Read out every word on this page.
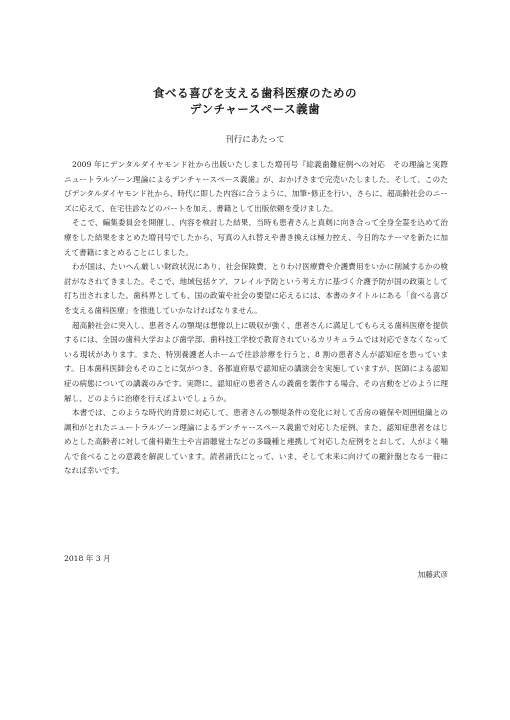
食べる喜びを支える歯科医療のための
デンチャースペース義歯
刊行にあたって

2009 年にデンタルダイヤモンド社から出版いたしました増刊号『総義歯難症例への対応　その理論と実際　ニュートラルゾーン理論によるデンチャースペース義歯』が、おかげさまで完売いたしました。そして、このたびデンタルダイヤモンド社から、時代に即した内容に合うように、加筆･修正を行い、さらに、超高齢社会のニーズに応えて、在宅往診などのパートを加え、書籍として出版依頼を受けました。

そこで、編集委員会を開催し、内容を検討した結果、当時も患者さんと真剣に向き合って全身全霊を込めて治療をした結果をまとめた増刊号でしたから、写真の入れ替えや書き換えは極力控え、今日的なテーマを新たに加えて書籍にまとめることにしました。

わが国は、たいへん厳しい財政状況にあり、社会保険費、とりわけ医療費や介護費用をいかに削減するかの検討がなされてきました。そこで、地域包括ケア、フレイル予防という考え方に基づく介護予防が国の政策として打ち出されました。歯科界としても、国の政策や社会の要望に応えるには、本書のタイトルにある「食べる喜びを支える歯科医療」を推進していかなければなりません。

超高齢社会に突入し、患者さんの顎堤は想像以上に吸収が強く、患者さんに満足してもらえる歯科医療を提供するには、全国の歯科大学および歯学部、歯科技工学校で教育されているカリキュラムでは対応できなくなっている現状があります。また、特別養護老人ホームで往診診療を行うと、8 割の患者さんが認知症を患っています。日本歯科医師会もそのことに気がつき、各都道府県で認知症の講演会を実施していますが、医師による認知症の病態についての講義のみです。実際に、認知症の患者さんの義歯を製作する場合、その言動をどのように理解し、どのように治療を行えばよいでしょうか。

本書では、このような時代的背景に対応して、患者さんの顎堤条件の変化に対して舌房の確保や周囲組織との調和がとれたニュートラルゾーン理論によるデンチャースペース義歯で対応した症例、また、認知症患者をはじめとした高齢者に対して歯科衛生士や言語聴覚士などの多職種と連携して対応した症例をとおして、人がよく噛んで食べることの意義を解説しています。読者諸氏にとって、いま、そして未来に向けての羅針盤となる一冊になれば幸いです。

2018 年 3 月
加藤武彦
